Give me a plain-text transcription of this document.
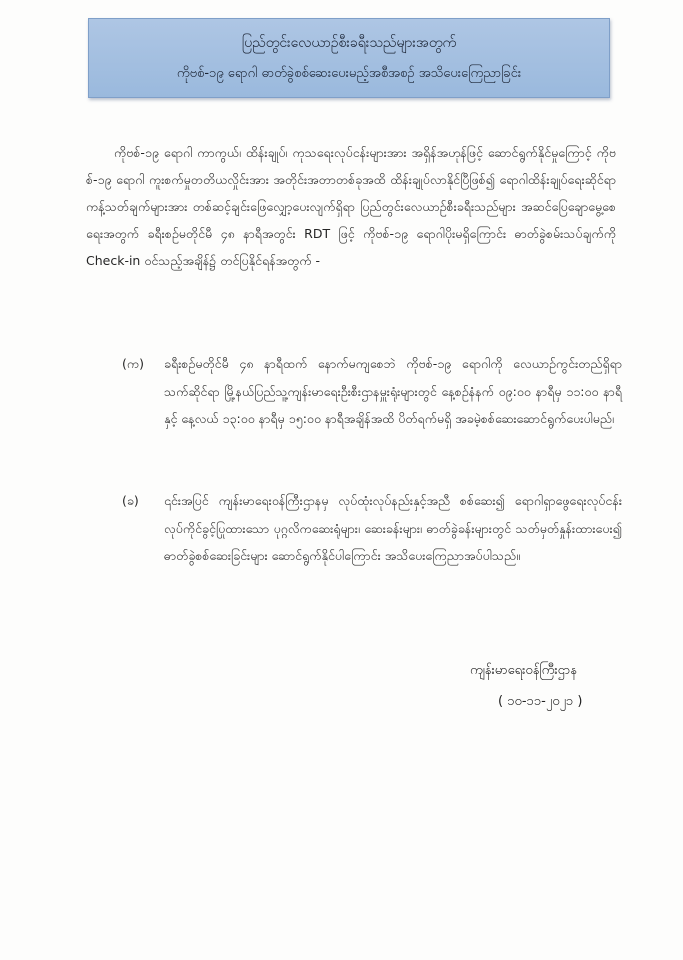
ပြည်တွင်းလေယာဉ်စီးခရီးသည်များအတွက်
ကိုဗစ်-၁၉ ရောဂါ ဓာတ်ခွဲစစ်ဆေးပေးမည့်အစီအစဉ် အသိပေးကြေညာခြင်း
ကိုဗစ်-၁၉ ရောဂါ ကာကွယ်၊ ထိန်းချုပ်၊ ကုသရေးလုပ်ငန်းများအား အရှိန်အဟုန်ဖြင့် ဆောင်ရွက်နိုင်မှုကြောင့် ကိုဗစ်-၁၉ ရောဂါ ကူးစက်မှုတတိယလှိုင်းအား အတိုင်းအတာတစ်ခုအထိ ထိန်းချုပ်လာနိုင်ပြီဖြစ်၍ ရောဂါထိန်းချုပ်ရေးဆိုင်ရာ ကန့်သတ်ချက်များအား တစ်ဆင့်ချင်းဖြေလျှော့ပေးလျက်ရှိရာ ပြည်တွင်းလေယာဉ်စီးခရီးသည်များ အဆင်ပြေချောမွေ့စေရေးအတွက် ခရီးစဉ်မတိုင်မီ ၄၈ နာရီအတွင်း RDT ဖြင့် ကိုဗစ်-၁၉ ရောဂါပိုးမရှိကြောင်း ဓာတ်ခွဲစမ်းသပ်ချက်ကို Check-in ဝင်သည့်အချိန်၌ တင်ပြနိုင်ရန်အတွက် -
(က)	ခရီးစဉ်မတိုင်မီ ၄၈ နာရီထက် နောက်မကျစေဘဲ ကိုဗစ်-၁၉ ရောဂါကို လေယာဉ်ကွင်းတည်ရှိရာ သက်ဆိုင်ရာ မြို့နယ်ပြည်သူ့ကျန်းမာရေးဦးစီးဌာနမှူးရုံးများတွင် နေ့စဉ်နံနက် ၀၉:၀၀ နာရီမှ ၁၁:၀၀ နာရီနှင့် နေ့လယ် ၁၃:၀၀ နာရီမှ ၁၅:၀၀ နာရီအချိန်အထိ ပိတ်ရက်မရှိ အခမဲ့စစ်ဆေးဆောင်ရွက်ပေးပါမည်၊
(ခ)	၎င်းအပြင် ကျန်းမာရေးဝန်ကြီးဌာနမှ လုပ်ထုံးလုပ်နည်းနှင့်အညီ စစ်ဆေး၍ ရောဂါရှာဖွေရေးလုပ်ငန်း လုပ်ကိုင်ခွင့်ပြုထားသော ပုဂ္ဂလိကဆေးရုံများ၊ ဆေးခန်းများ၊ ဓာတ်ခွဲခန်းများတွင် သတ်မှတ်နှုန်းထားပေး၍ ဓာတ်ခွဲစစ်ဆေးခြင်းများ ဆောင်ရွက်နိုင်ပါကြောင်း အသိပေးကြေညာအပ်ပါသည်။
ကျန်းမာရေးဝန်ကြီးဌာန
( ၁၀-၁၁-၂၀၂၁ )
